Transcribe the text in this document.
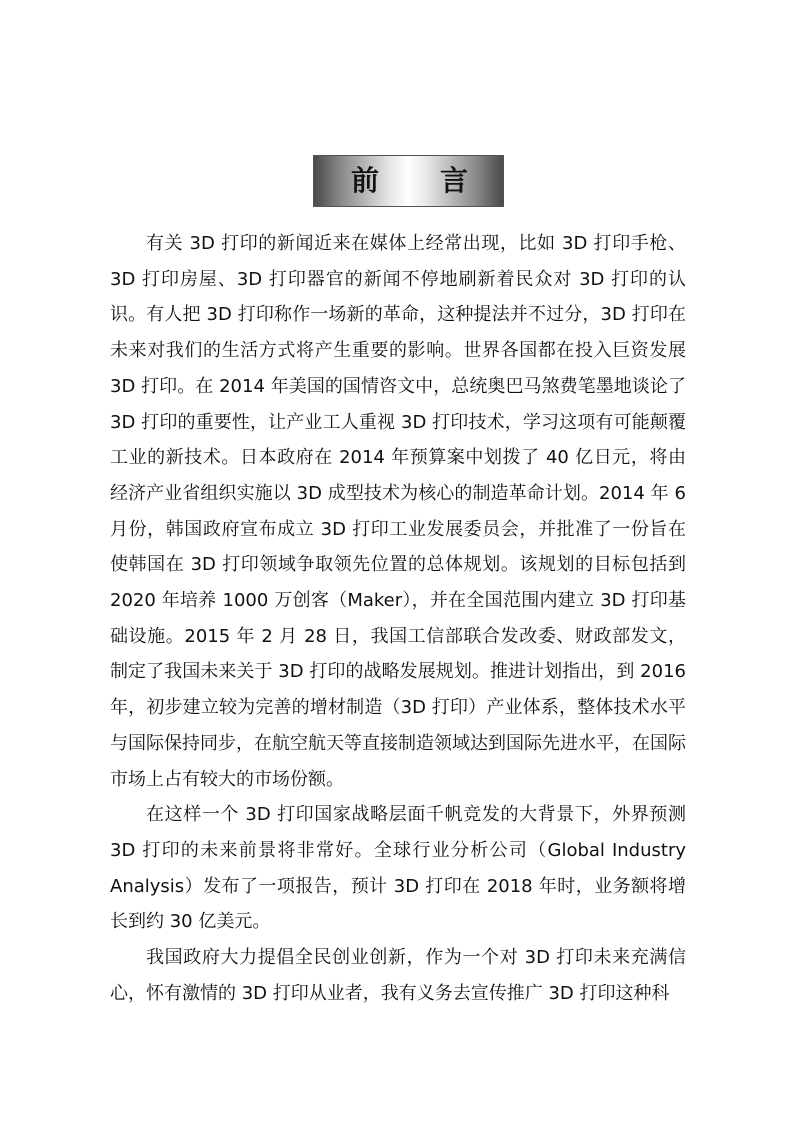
前 言

有关 3D 打印的新闻近来在媒体上经常出现，比如 3D 打印手枪、3D 打印房屋、3D 打印器官的新闻不停地刷新着民众对 3D 打印的认识。有人把 3D 打印称作一场新的革命，这种提法并不过分，3D 打印在未来对我们的生活方式将产生重要的影响。世界各国都在投入巨资发展 3D 打印。在 2014 年美国的国情咨文中，总统奥巴马煞费笔墨地谈论了 3D 打印的重要性，让产业工人重视 3D 打印技术，学习这项有可能颠覆工业的新技术。日本政府在 2014 年预算案中划拨了 40 亿日元，将由经济产业省组织实施以 3D 成型技术为核心的制造革命计划。2014 年 6 月份，韩国政府宣布成立 3D 打印工业发展委员会，并批准了一份旨在使韩国在 3D 打印领域争取领先位置的总体规划。该规划的目标包括到 2020 年培养 1000 万创客（Maker），并在全国范围内建立 3D 打印基础设施。2015 年 2 月 28 日，我国工信部联合发改委、财政部发文，制定了我国未来关于 3D 打印的战略发展规划。推进计划指出，到 2016 年，初步建立较为完善的增材制造（3D 打印）产业体系，整体技术水平与国际保持同步，在航空航天等直接制造领域达到国际先进水平，在国际市场上占有较大的市场份额。

在这样一个 3D 打印国家战略层面千帆竞发的大背景下，外界预测 3D 打印的未来前景将非常好。全球行业分析公司（Global Industry Analysis）发布了一项报告，预计 3D 打印在 2018 年时，业务额将增长到约 30 亿美元。

我国政府大力提倡全民创业创新，作为一个对 3D 打印未来充满信心，怀有激情的 3D 打印从业者，我有义务去宣传推广 3D 打印这种科
